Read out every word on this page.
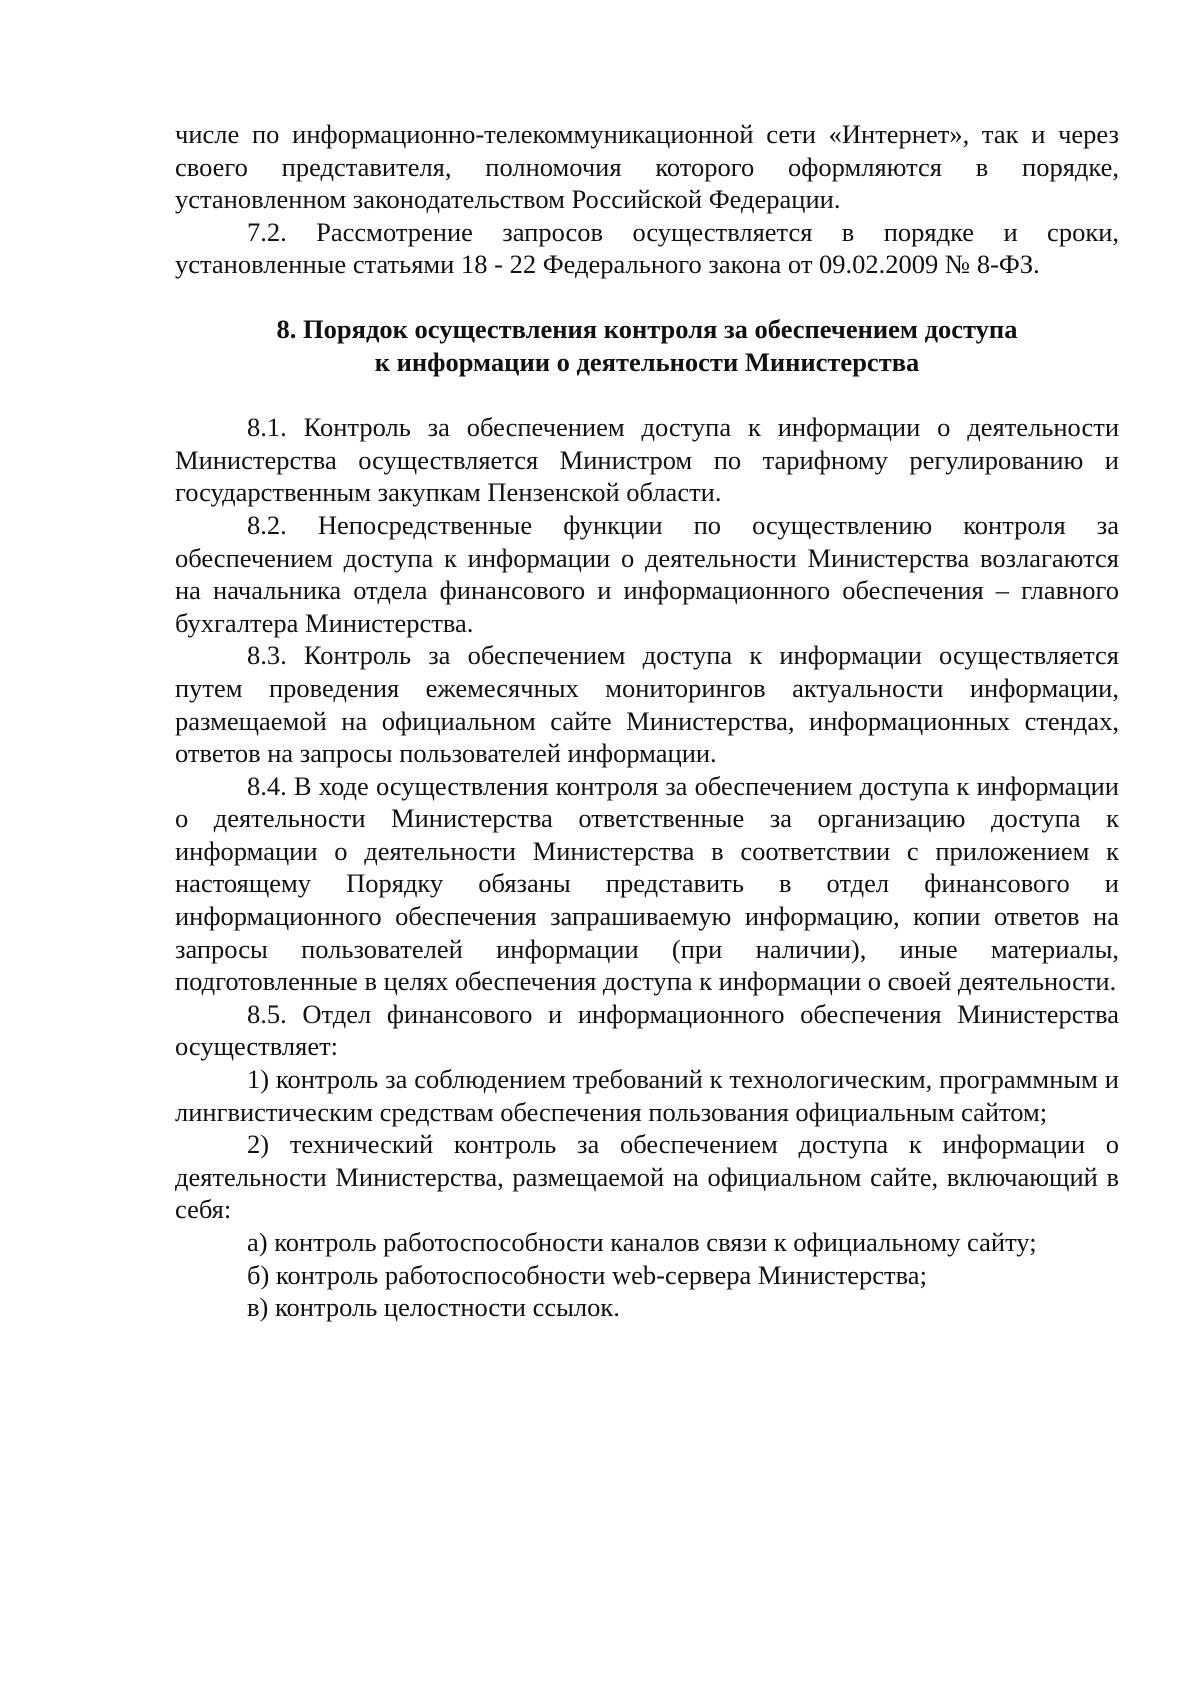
числе по информационно-телекоммуникационной сети «Интернет», так и через своего представителя, полномочия которого оформляются в порядке, установленном законодательством Российской Федерации.

7.2. Рассмотрение запросов осуществляется в порядке и сроки, установленные статьями 18 - 22 Федерального закона от 09.02.2009 № 8-ФЗ.

8. Порядок осуществления контроля за обеспечением доступа
к информации о деятельности Министерства

8.1. Контроль за обеспечением доступа к информации о деятельности Министерства осуществляется Министром по тарифному регулированию и государственным закупкам Пензенской области.

8.2. Непосредственные функции по осуществлению контроля за обеспечением доступа к информации о деятельности Министерства возлагаются на начальника отдела финансового и информационного обеспечения – главного бухгалтера Министерства.

8.3. Контроль за обеспечением доступа к информации осуществляется путем проведения ежемесячных мониторингов актуальности информации, размещаемой на официальном сайте Министерства, информационных стендах, ответов на запросы пользователей информации.

8.4. В ходе осуществления контроля за обеспечением доступа к информации о деятельности Министерства ответственные за организацию доступа к информации о деятельности Министерства в соответствии с приложением к настоящему Порядку обязаны представить в отдел финансового и информационного обеспечения запрашиваемую информацию, копии ответов на запросы пользователей информации (при наличии), иные материалы, подготовленные в целях обеспечения доступа к информации о своей деятельности.

8.5. Отдел финансового и информационного обеспечения Министерства осуществляет:

1) контроль за соблюдением требований к технологическим, программным и лингвистическим средствам обеспечения пользования официальным сайтом;

2) технический контроль за обеспечением доступа к информации о деятельности Министерства, размещаемой на официальном сайте, включающий в себя:

а) контроль работоспособности каналов связи к официальному сайту;

б) контроль работоспособности web-сервера Министерства;

в) контроль целостности ссылок.
